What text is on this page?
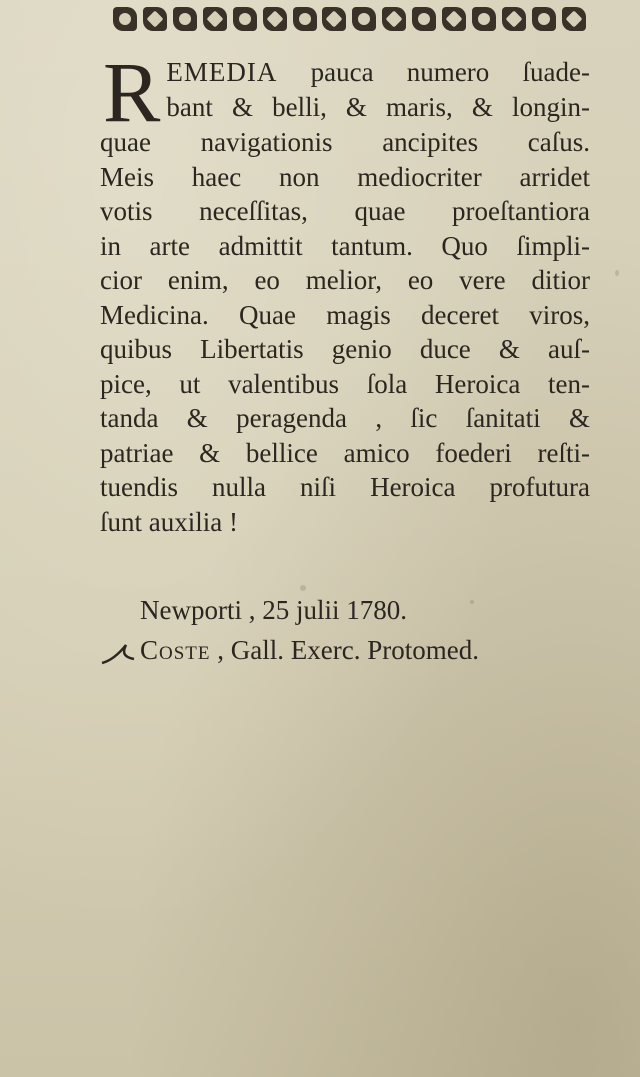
R EMEDIA pauca numero ſuade-
bant & belli, & maris, & longin-
quae navigationis ancipites caſus.
Meis haec non mediocriter arridet
votis neceſſitas, quae proeſtantiora
in arte admittit tantum. Quo ſimpli-
cior enim, eo melior, eo vere ditior
Medicina. Quae magis deceret viros,
quibus Libertatis genio duce & auſ-
pice, ut valentibus ſola Heroica ten-
tanda & peragenda , ſic ſanitati &
patriae & bellice amico foederi reſti-
tuendis nulla niſi Heroica profutura
ſunt auxilia !
Newporti , 25 julii 1780.
Coste , Gall. Exerc. Protomed.
